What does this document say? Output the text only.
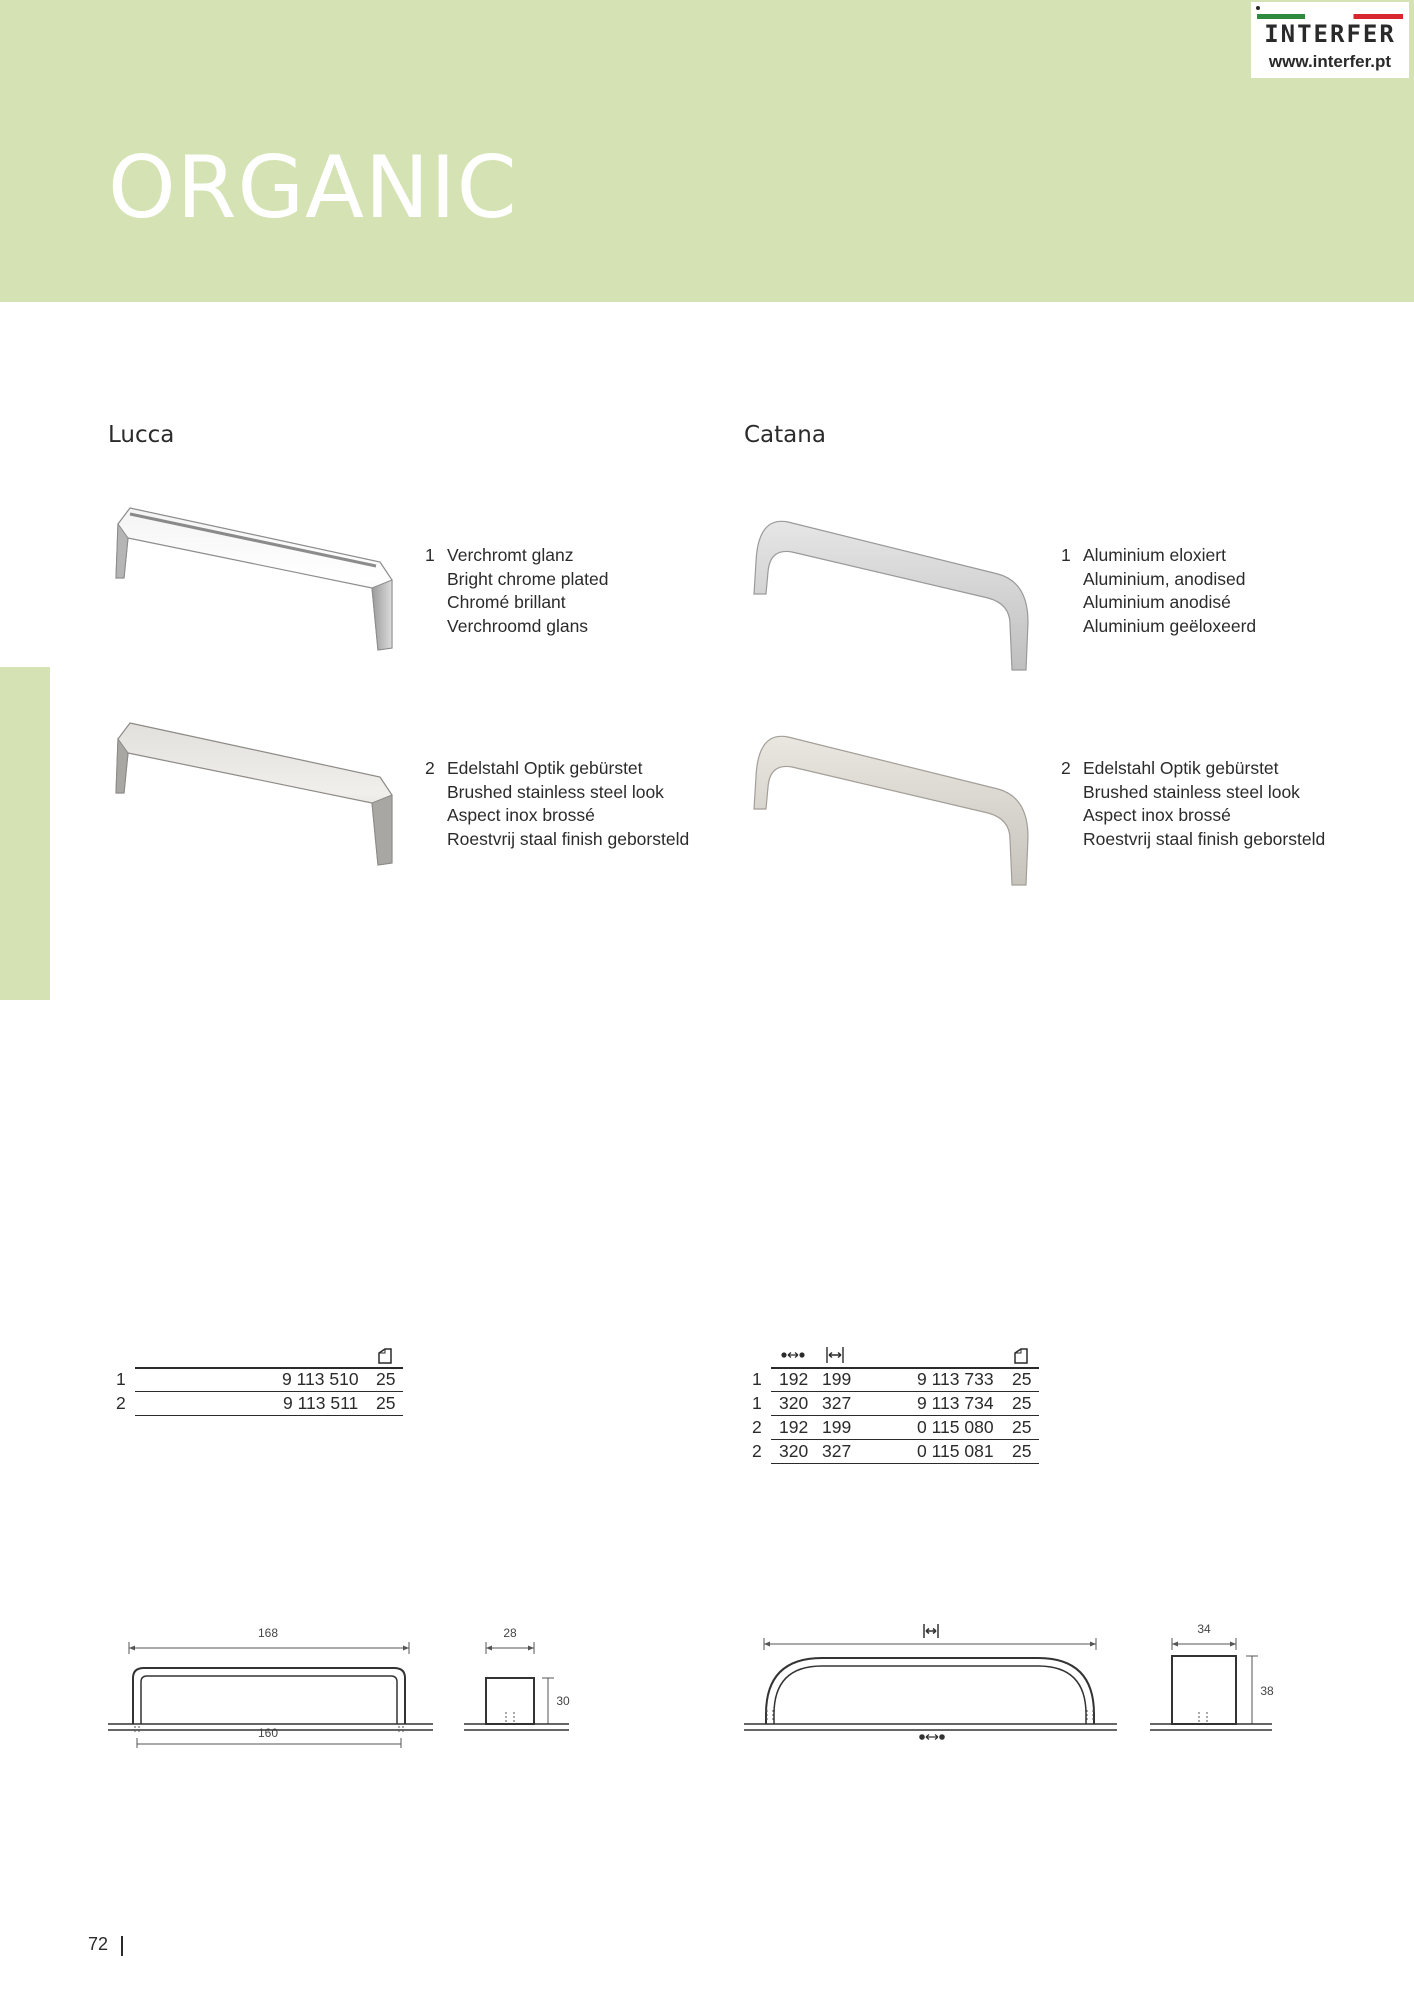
INTERFER
www.interfer.pt
ORGANIC
Lucca	Catana
1 Verchromt glanz
Bright chrome plated
Chromé brillant
Verchroomd glans
2 Edelstahl Optik gebürstet
Brushed stainless steel look
Aspect inox brossé
Roestvrij staal finish geborsteld
1 Aluminium eloxiert
Aluminium, anodised
Aluminium anodisé
Aluminium geëloxeerd
2 Edelstahl Optik gebürstet
Brushed stainless steel look
Aspect inox brossé
Roestvrij staal finish geborsteld
1	9 113 510 25
2	9 113 511 25
1 192 199	9 113 733 25
1 320 327	9 113 734 25
2 192 199	0 115 080 25
2 320 327	0 115 081 25
168
160
28
30
34
38
72
